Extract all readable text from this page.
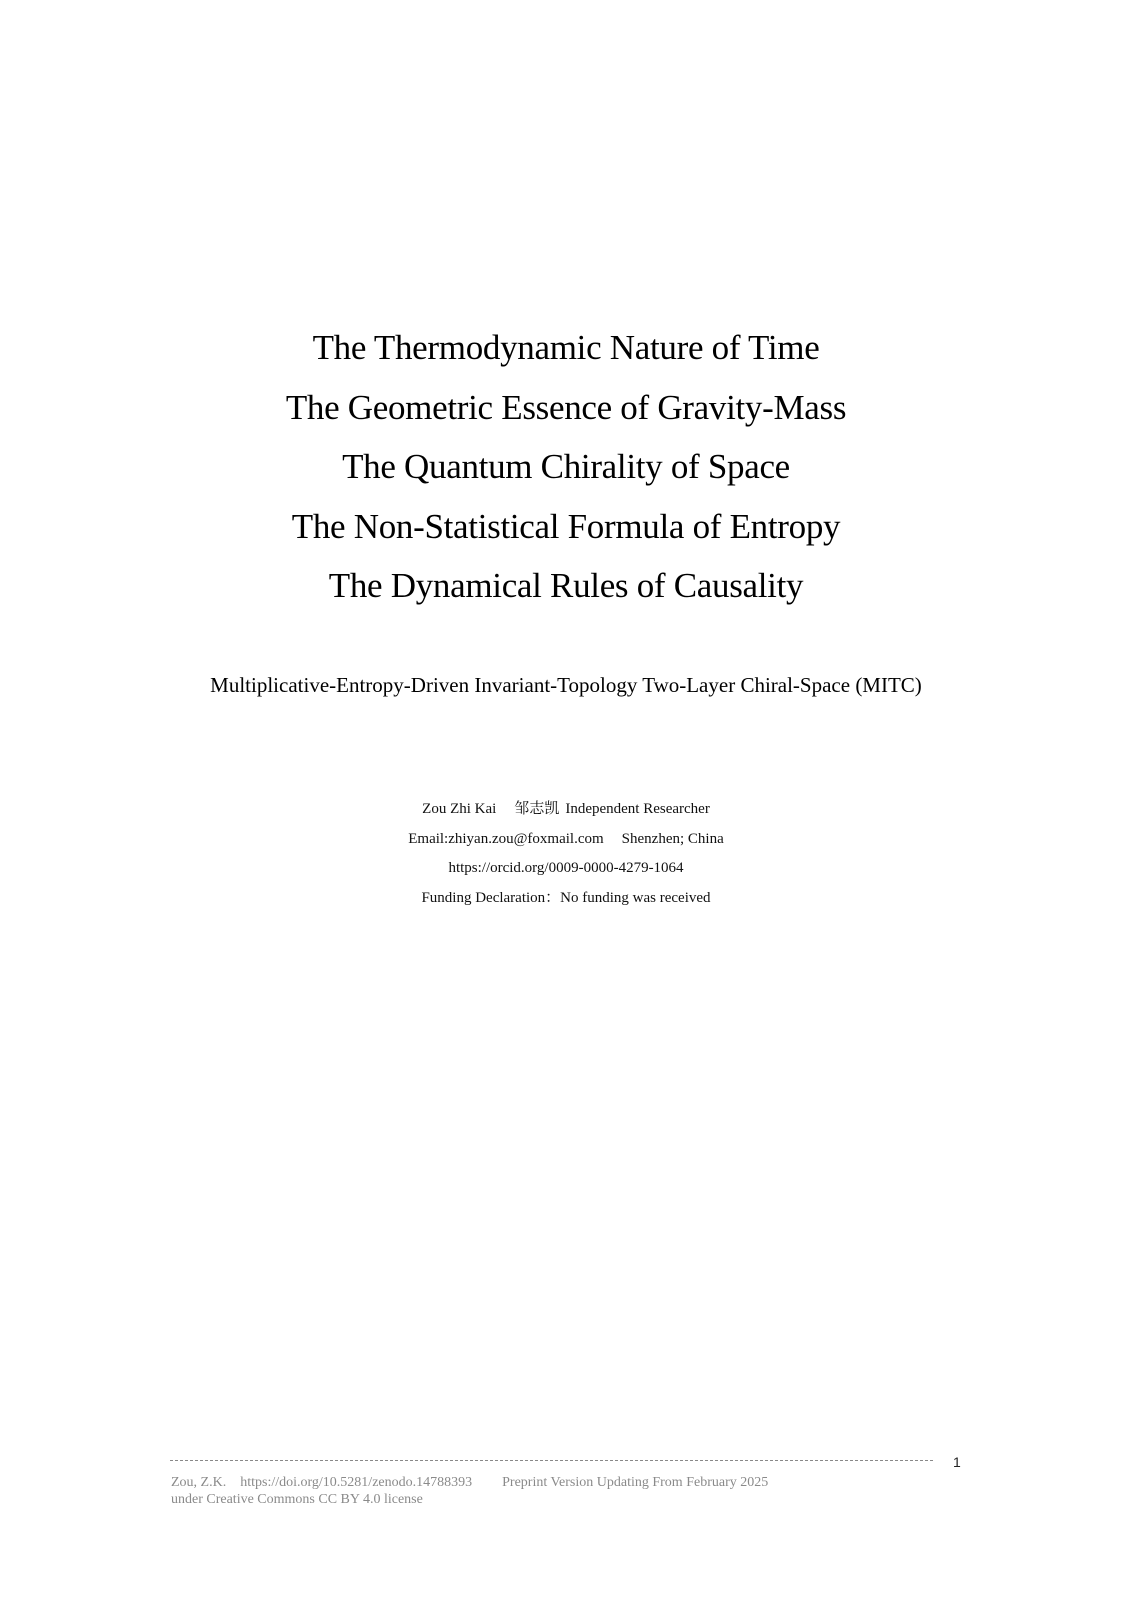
The Thermodynamic Nature of Time
The Geometric Essence of Gravity-Mass
The Quantum Chirality of Space
The Non-Statistical Formula of Entropy
The Dynamical Rules of Causality
Multiplicative-Entropy-Driven Invariant-Topology Two-Layer Chiral-Space (MITC)
Zou Zhi Kai 邹志凯 Independent Researcher
Email:zhiyan.zou@foxmail.com Shenzhen; China
https://orcid.org/0009-0000-4279-1064
Funding Declaration：No funding was received
1
Zou, Z.K. https://doi.org/10.5281/zenodo.14788393 Preprint Version Updating From February 2025
under Creative Commons CC BY 4.0 license
